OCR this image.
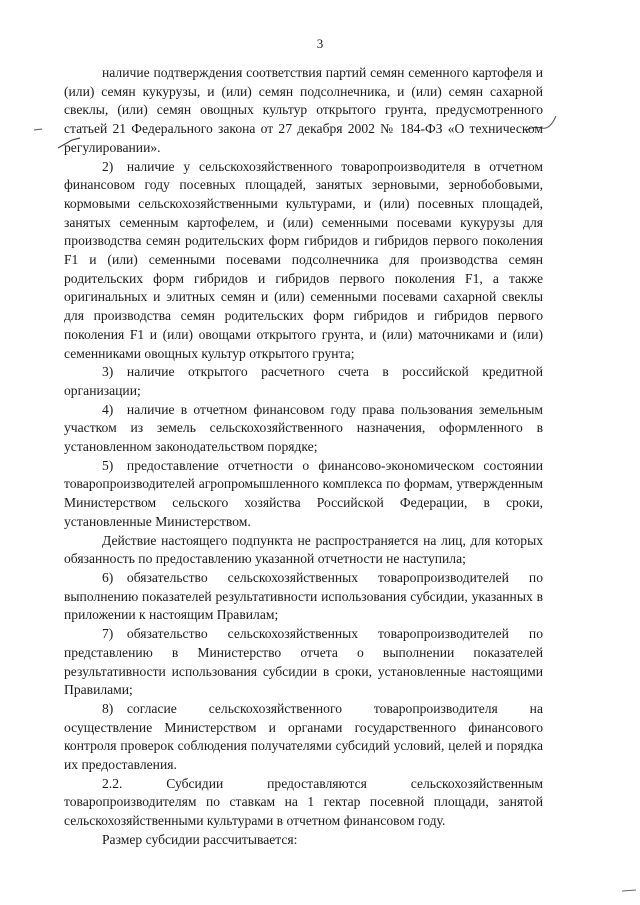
3

наличие подтверждения соответствия партий семян семенного картофеля и (или) семян кукурузы, и (или) семян подсолнечника, и (или) семян сахарной свеклы, (или) семян овощных культур открытого грунта, предусмотренного статьей 21 Федерального закона от 27 декабря 2002 № 184-ФЗ «О техническом регулировании».

2) наличие у сельскохозяйственного товаропроизводителя в отчетном финансовом году посевных площадей, занятых зерновыми, зернобобовыми, кормовыми сельскохозяйственными культурами, и (или) посевных площадей, занятых семенным картофелем, и (или) семенными посевами кукурузы для производства семян родительских форм гибридов и гибридов первого поколения F1 и (или) семенными посевами подсолнечника для производства семян родительских форм гибридов и гибридов первого поколения F1, а также оригинальных и элитных семян и (или) семенными посевами сахарной свеклы для производства семян родительских форм гибридов и гибридов первого поколения F1 и (или) овощами открытого грунта, и (или) маточниками и (или) семенниками овощных культур открытого грунта;

3) наличие открытого расчетного счета в российской кредитной организации;

4) наличие в отчетном финансовом году права пользования земельным участком из земель сельскохозяйственного назначения, оформленного в установленном законодательством порядке;

5) предоставление отчетности о финансово-экономическом состоянии товаропроизводителей агропромышленного комплекса по формам, утвержденным Министерством сельского хозяйства Российской Федерации, в сроки, установленные Министерством.

Действие настоящего подпункта не распространяется на лиц, для которых обязанность по предоставлению указанной отчетности не наступила;

6) обязательство сельскохозяйственных товаропроизводителей по выполнению показателей результативности использования субсидии, указанных в приложении к настоящим Правилам;

7) обязательство сельскохозяйственных товаропроизводителей по представлению в Министерство отчета о выполнении показателей результативности использования субсидии в сроки, установленные настоящими Правилами;

8) согласие сельскохозяйственного товаропроизводителя на осуществление Министерством и органами государственного финансового контроля проверок соблюдения получателями субсидий условий, целей и порядка их предоставления.

2.2. Субсидии предоставляются сельскохозяйственным товаропроизводителям по ставкам на 1 гектар посевной площади, занятой сельскохозяйственными культурами в отчетном финансовом году.

Размер субсидии рассчитывается:
